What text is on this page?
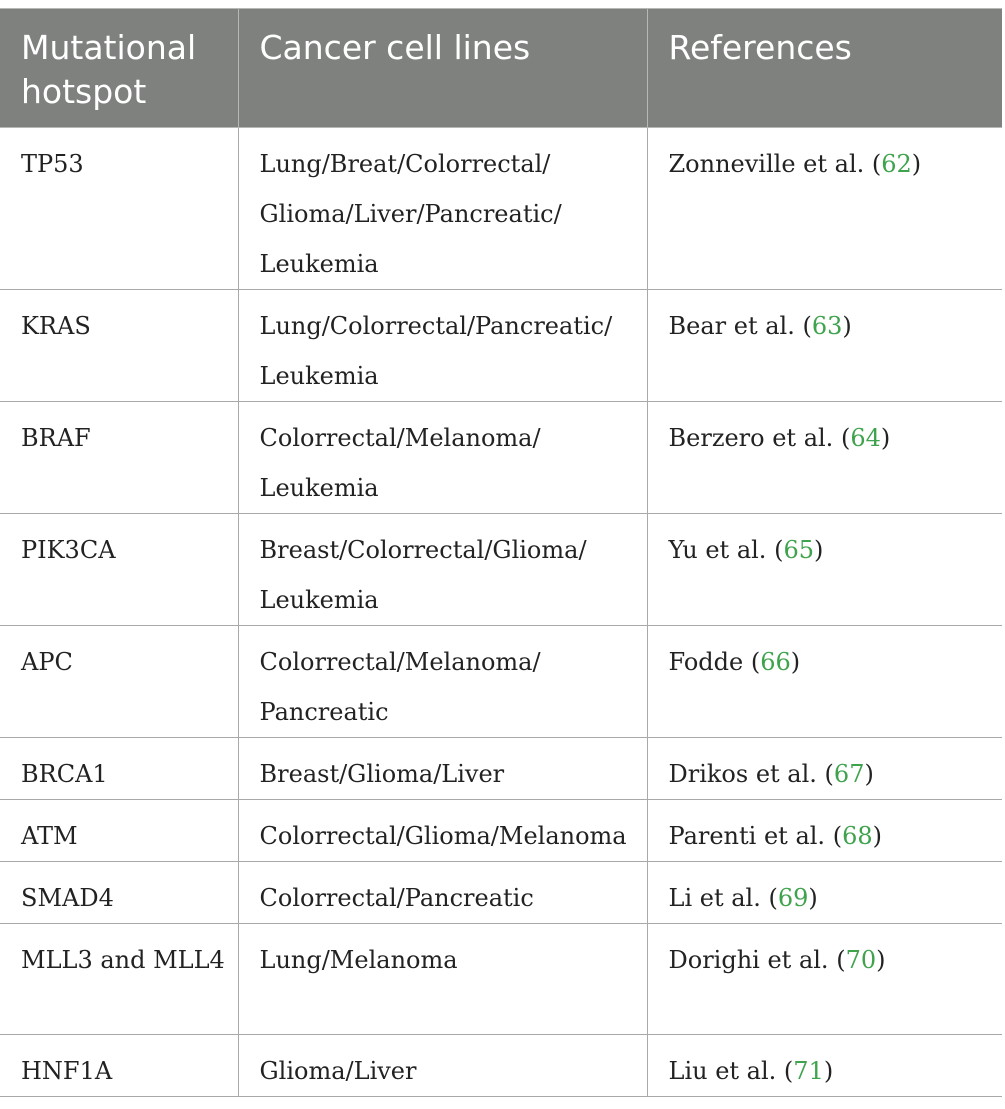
Mutational hotspot	Cancer cell lines	References
TP53	Lung/Breat/Colorrectal/ Glioma/Liver/Pancreatic/ Leukemia	Zonneville et al. (62)
KRAS	Lung/Colorrectal/Pancreatic/ Leukemia	Bear et al. (63)
BRAF	Colorrectal/Melanoma/ Leukemia	Berzero et al. (64)
PIK3CA	Breast/Colorrectal/Glioma/ Leukemia	Yu et al. (65)
APC	Colorrectal/Melanoma/ Pancreatic	Fodde (66)
BRCA1	Breast/Glioma/Liver	Drikos et al. (67)
ATM	Colorrectal/Glioma/Melanoma	Parenti et al. (68)
SMAD4	Colorrectal/Pancreatic	Li et al. (69)
MLL3 and MLL4	Lung/Melanoma	Dorighi et al. (70)
HNF1A	Glioma/Liver	Liu et al. (71)
